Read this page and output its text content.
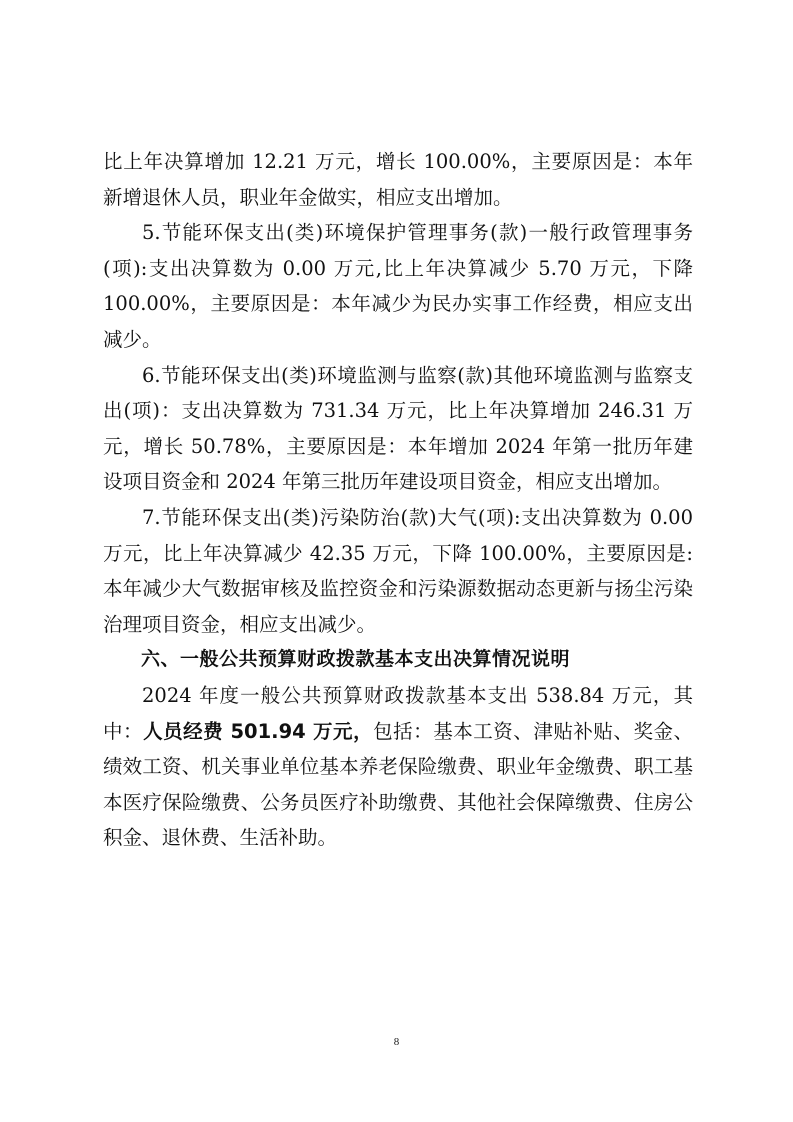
比上年决算增加 12.21 万元，增长 100.00%，主要原因是：本年新增退休人员，职业年金做实，相应支出增加。

5.节能环保支出(类)环境保护管理事务(款)一般行政管理事务(项):支出决算数为 0.00 万元,比上年决算减少 5.70 万元，下降 100.00%，主要原因是：本年减少为民办实事工作经费，相应支出减少。

6.节能环保支出(类)环境监测与监察(款)其他环境监测与监察支出(项)：支出决算数为 731.34 万元，比上年决算增加 246.31 万元，增长 50.78%，主要原因是：本年增加 2024 年第一批历年建设项目资金和 2024 年第三批历年建设项目资金，相应支出增加。

7.节能环保支出(类)污染防治(款)大气(项):支出决算数为 0.00 万元，比上年决算减少 42.35 万元，下降 100.00%，主要原因是:本年减少大气数据审核及监控资金和污染源数据动态更新与扬尘污染治理项目资金，相应支出减少。

六、一般公共预算财政拨款基本支出决算情况说明

2024 年度一般公共预算财政拨款基本支出 538.84 万元，其中：人员经费 501.94 万元，包括：基本工资、津贴补贴、奖金、绩效工资、机关事业单位基本养老保险缴费、职业年金缴费、职工基本医疗保险缴费、公务员医疗补助缴费、其他社会保障缴费、住房公积金、退休费、生活补助。

8
